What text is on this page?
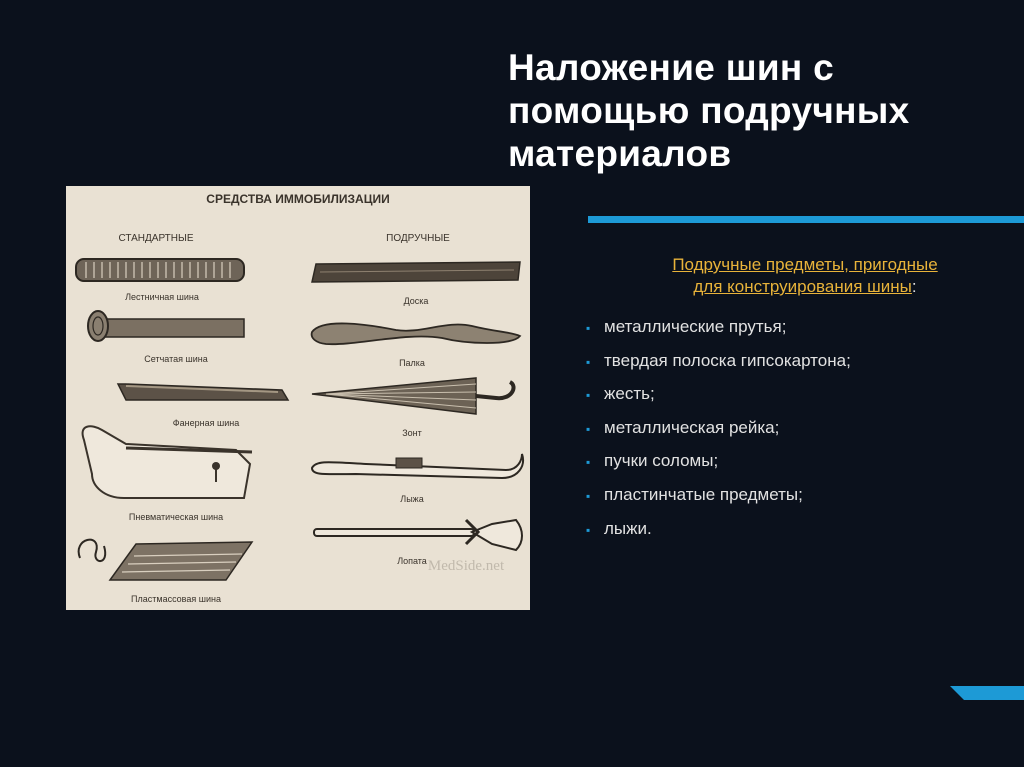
Наложение шин с помощью подручных материалов
СРЕДСТВА ИММОБИЛИЗАЦИИ
СТАНДАРТНЫЕ	ПОДРУЧНЫЕ
Лестничная шина
Сетчатая шина
Фанерная шина
Пневматическая шина
Пластмассовая шина
Доска
Палка
Зонт
Лыжа
Лопата MedSide.net
Подручные предметы, пригодные
для конструирования шины:
▪ металлические прутья;
▪ твердая полоска гипсокартона;
▪ жесть;
▪ металлическая рейка;
▪ пучки соломы;
▪ пластинчатые предметы;
▪ лыжи.
